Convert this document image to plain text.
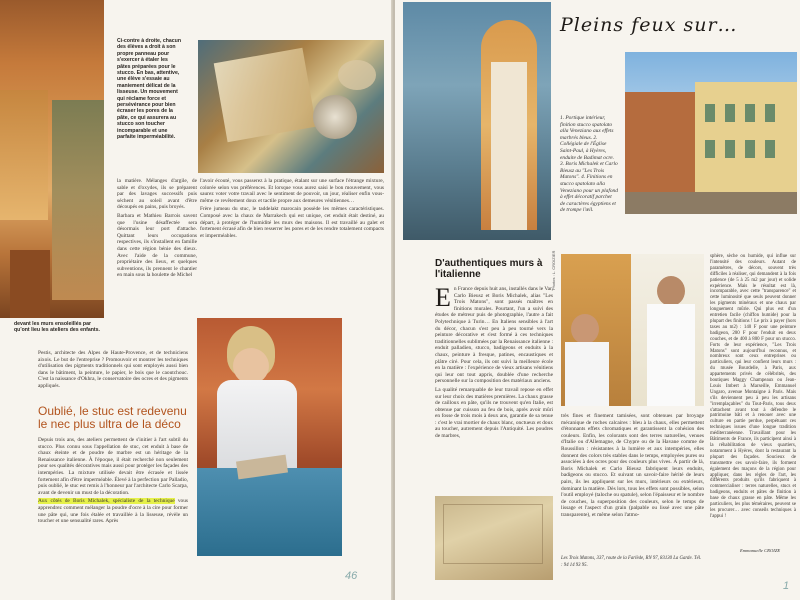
Ci-contre à droite, chacun des élèves a droit à son propre panneau pour s'exercer à étaler les pâtes préparées pour le stucco. En bas, attentive, une élève s'essaie au maniement délicat de la lisseuse. Un mouvement qui réclame force et persévérance pour bien écraser les pores de la pâte, ce qui assurera au stucco son toucher incomparable et une parfaite imperméabilité.

la matière. Mélanges d'argile, de sable et d'oxydes, ils se préparent par des lavages successifs puis séchent au soleil avant d'être découpés en pains, puis broyés.

Barbara et Mathieu Barrois savent que l'usine désaffectée sera désormais leur port d'attache. Quittant leurs occupations respectives, ils s'installent en famille dans cette région bénie des dieux. Avec l'aide de la commune, propriétaire des lieux, et quelques subventions, ils prennent le chantier en main sous la houlette de Michel

l'avoir écouté, vous passerez à la pratique, étalant sur une surface l'étrange mixture, colorée selon vos préférences. Et lorsque vous aurez saisi le bon mouvement, vous saurez voter votre travail avec le sentiment de pouvoir, un jour, réaliser enfin vous-même ce revêtement doux et tactile propre aux demeures vénitiennes…

Frère jumeau du stuc, le taddelakt marocain possède les mêmes caractéristiques. Composé avec la chaux de Marrakech qui est unique, cet enduit était destiné, au départ, à protéger de l'humidité les murs des maisons. Il est travaillé au galet et fortement écrasé afin de bien resserrer les pores et de les rendre totalement compacts et imperméables.

devant les murs ensoleillés par qu'ont lieu les ateliers des enfants.
Pestis, architecte des Alpes de Haute-Provence, et de techniciens aixois. Le but de l'entreprise ? Promouvoir et montrer les techniques d'utilisation des pigments traditionnels qui sont employés aussi bien dans le bâtiment, la peinture, le papier, le bois que le caoutchouc. C'est la naissance d'Okhra, le conservatoire des ocres et des pigments appliqués.
Oublié, le stuc est redevenu le nec plus ultra de la déco

Depuis trois ans, des ateliers permettent de s'initier à l'art subtil du stucco. Plus connu sous l'appellation de stuc, cet enduit à base de chaux éteinte et de poudre de marbre est un héritage de la Renaissance italienne. À l'époque, il était recherché non seulement pour ses qualités décoratives mais aussi pour protéger les façades des intempéries. La mixture utilisée devait être écrasée et lissée fortement afin d'être imperméable. Élevé à la perfection par Palladio, puis oublié, le stuc est remis à l'honneur par l'architecte Carlo Scarpa, avant de devenir un must de la décoration.

Aux côtés de Boris Michalek, spécialiste de la technique vous apprendrez comment mélanger la poudre d'ocre à la cire pour former une pâte qui, une fois étalée et travaillée à la lisseuse, révèle un toucher et une sensualité rares. Après

46
1. Portique intérieur, finition stucco spatolato alla Veneziano aux effets marbrés bleus. 2. Collégiale de l'Église Saint-Paul, à Hyères, enduite de Badimat ocre. 3. Boris Michalek et Carlo Bieusz au "Les Trois Matons". 4. Finitions en stucco spatolato alla Veneziano pour un plafond à effet décoratif parchet de caractères égyptiens et de trompe l'œil.
Pleins feux sur…
D'authentiques murs à l'italienne	Photos : L. CROIZIER

En France depuis huit ans, installés dans le Var, Carlo Bieusz et Boris Michalek, alias "Les Trois Matons", sont passés maîtres en finitions murales. Pourtant, l'un a suivi des études de métreur puis de photographie, l'autre a fait Polytechnique à Turin… En Italiens sensibles à l'art du décor, chacun s'est peu à peu tourné vers la peinture décorative et s'est formé à ces techniques traditionnelles sublimées par la Renaissance italienne : enduit palladien, stucco, badigeons et enduits à la chaux, peinture à fresque, patines, encaustiques et plâtre ciré. Pour cela, ils ont suivi la meilleure école en la matière : l'expérience de vieux artisans vénitiens qui leur ont tout appris, doublée d'une recherche personnelle sur la composition des matériaux anciens.

La qualité remarquable de leur travail repose en effet sur leur choix des matières premières. La chaux grasse de cailloux en pâte, qu'ils ne trouvent qu'en Italie, est obtenue par cuisson au feu de bois, après avoir mûri en fosse de trois mois à deux ans, garantie de sa tenue : c'est le vrai mortier de chaux blanc, onctueux et doux au toucher, autrement depuis l'Antiquité. Les poudres de marbres,

très fines et finement tamisées, sont obtenues par broyage mécanique de roches calcaires : bleu à la chaux, elles permettent d'étonnants effets chromatiques et garantissent la cohésion des couleurs. Enfin, les colorants sont des terres naturelles, venues d'Italie ou d'Allemagne, de Chypre ou de la Havane comme de Roussillon : résistantes à la lumière et aux intempéries, elles donnent des colors très stables dans le temps, employées pures ou associées à des ocres pour des couleurs plus vives. À partir de là, Boris Michalek et Carlo Bieusz fabriquent leurs enduits, badigeons ou stucco. Et suivant un savoir-faire hérité de leurs pairs, ils les appliquent sur les murs, intérieurs ou extérieurs, dominant la matière. Dès lors, tous les effets sont possibles, selon l'outil employé (taloche ou spatule), selon l'épaisseur et le nombre de couches, la superposition des couleurs, selon le temps de lissage et l'aspect d'un grain (palpable ou lissé avec une pâte transparente), et même selon l'atmo-
sphère, sèche ou humide, qui influe sur l'intensité des couleurs. Autant de paramètres, de décors, souvent très difficiles à réaliser, qui demandent à la fois patience (de 5 à 25 m2 par jour) et solide expérience. Mais le résultat est là, incomparable, avec cette "transparence" et cette luminosité que seuls peuvent donner les pigments minéraux et une chaux par longuement mûrie. Qui plus est d'un entretien facile (chiffon humide) pour la plupart des finitions ! Le prix à payer (hors taxes au m2) : 140 F pour une peinture badigeon, 200 F pour l'enduit en deux couches, et de 400 à 800 F pour un stucco. Forts de leur expérience, "Les Trois Matons" sont aujourd'hui reconnus, et nombreux sont ceux entreprises ou particuliers, qui leur confient leurs murs : du musée Bourdelle, à Paris, aux appartements privés de célébrités, des boutiques Maggy Champeaux ou Jean-Louis Imbert à Marseille, Emmanuel Ungaro, avenue Montaigne à Paris. Mais s'ils deviennent peu à peu les artisans "irremplaçables" du Tout-Paris, tous deux s'attachent avant tout à défendre le patrimoine bâti et à renouer avec une culture en partie perdue, perpétuant ces techniques issues d'une longue tradition méditerranéenne. Travaillant pour les Bâtiments de France, ils participent ainsi à la réhabilitation de vieux quartiers, notamment à Hyères, dont la restaurant la plupart des façades. Soucieux de transmettre ces savoir-faire, ils forment également des maçons de la région pour appliquer, dans les règles de l'art, les différents produits qu'ils fabriquent à commercialiser : terres naturelles, stucs et badigeons, enduits et pâtes de finition à base de chaux grasse en pâte. Même les particuliers, les plus téméraires, peuvent se les procurer… avec conseils techniques à l'appui !
Emmanuelle CROIZE
Les Trois Matons, 337, route de la Farlède, RN 97, 83130 La Garde. Tél. : 94 14 93 95.
1
